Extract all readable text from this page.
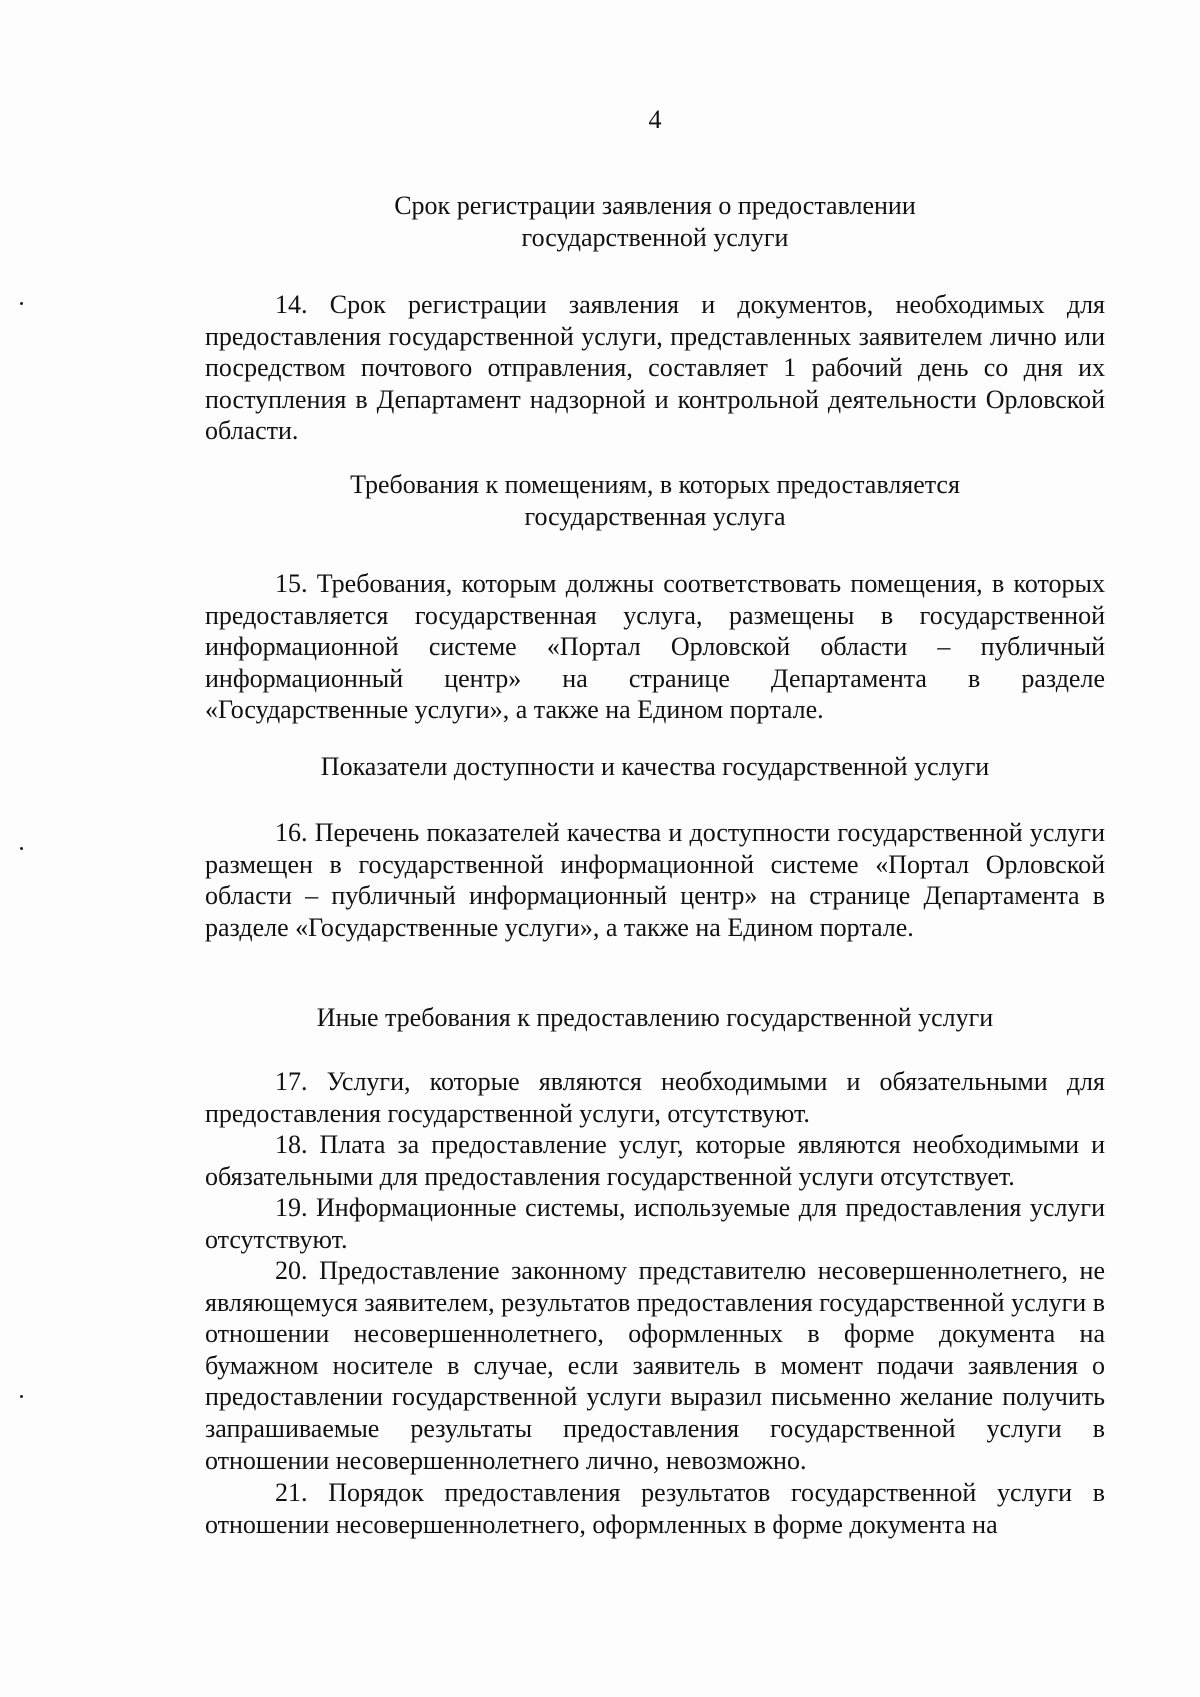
4
Срок регистрации заявления о предоставлении
государственной услуги
14. Срок регистрации заявления и документов, необходимых для предоставления государственной услуги, представленных заявителем лично или посредством почтового отправления, составляет 1 рабочий день со дня их поступления в Департамент надзорной и контрольной деятельности Орловской области.
Требования к помещениям, в которых предоставляется
государственная услуга
15. Требования, которым должны соответствовать помещения, в которых предоставляется государственная услуга, размещены в государственной информационной системе «Портал Орловской области – публичный информационный центр» на странице Департамента в разделе «Государственные услуги», а также на Едином портале.
Показатели доступности и качества государственной услуги
16. Перечень показателей качества и доступности государственной услуги размещен в государственной информационной системе «Портал Орловской области – публичный информационный центр» на странице Департамента в разделе «Государственные услуги», а также на Едином портале.
Иные требования к предоставлению государственной услуги
17. Услуги, которые являются необходимыми и обязательными для предоставления государственной услуги, отсутствуют.
18. Плата за предоставление услуг, которые являются необходимыми и обязательными для предоставления государственной услуги отсутствует.
19. Информационные системы, используемые для предоставления услуги отсутствуют.
20. Предоставление законному представителю несовершеннолетнего, не являющемуся заявителем, результатов предоставления государственной услуги в отношении несовершеннолетнего, оформленных в форме документа на бумажном носителе в случае, если заявитель в момент подачи заявления о предоставлении государственной услуги выразил письменно желание получить запрашиваемые результаты предоставления государственной услуги в отношении несовершеннолетнего лично, невозможно.
21. Порядок предоставления результатов государственной услуги в отношении несовершеннолетнего, оформленных в форме документа на
